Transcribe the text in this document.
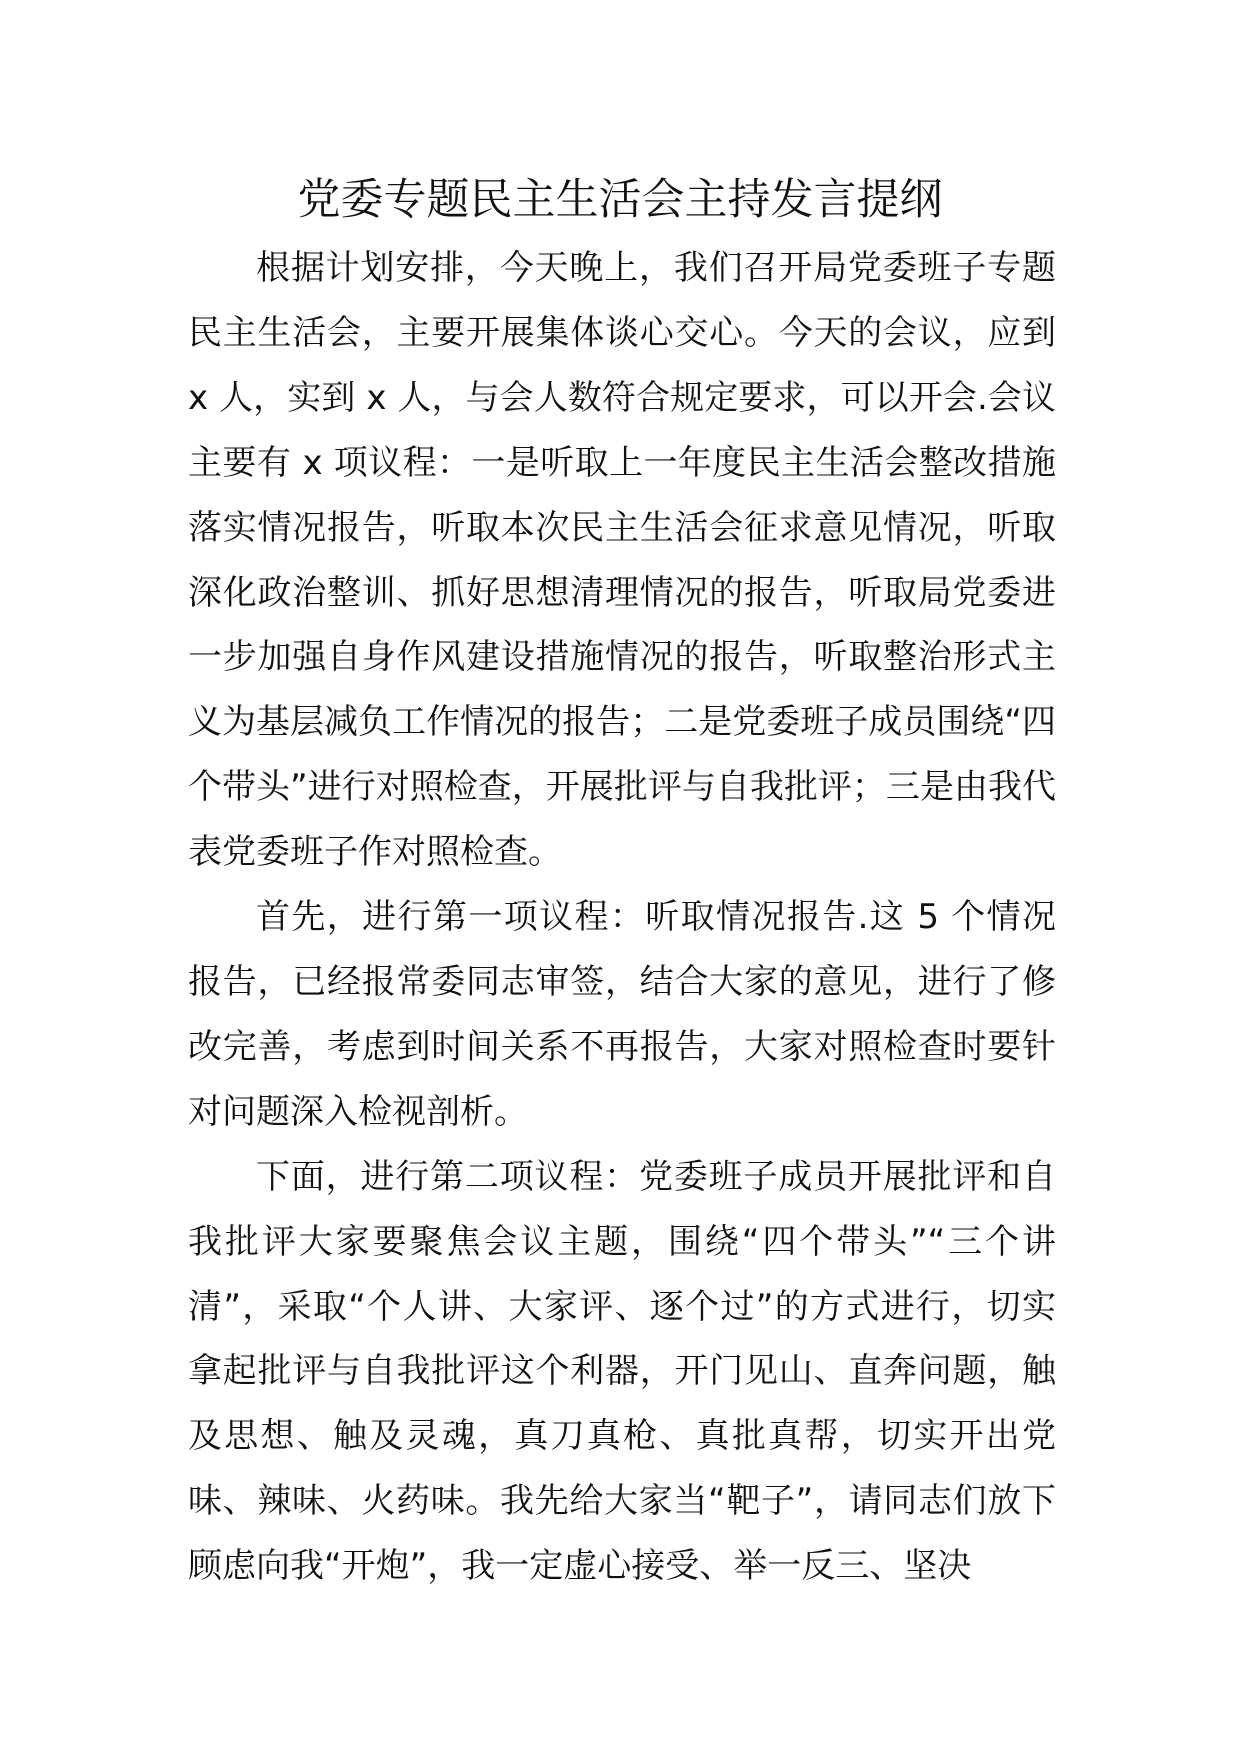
党委专题民主生活会主持发言提纲

根据计划安排，今天晚上，我们召开局党委班子专题民主生活会，主要开展集体谈心交心。今天的会议，应到 x 人，实到 x 人，与会人数符合规定要求，可以开会.会议主要有 x 项议程：一是听取上一年度民主生活会整改措施落实情况报告，听取本次民主生活会征求意见情况，听取深化政治整训、抓好思想清理情况的报告，听取局党委进一步加强自身作风建设措施情况的报告，听取整治形式主义为基层减负工作情况的报告；二是党委班子成员围绕“四个带头”进行对照检查，开展批评与自我批评；三是由我代表党委班子作对照检查。

首先，进行第一项议程：听取情况报告.这 5 个情况报告，已经报常委同志审签，结合大家的意见，进行了修改完善，考虑到时间关系不再报告，大家对照检查时要针对问题深入检视剖析。

下面，进行第二项议程：党委班子成员开展批评和自我批评大家要聚焦会议主题，围绕“四个带头”“三个讲清”，采取“个人讲、大家评、逐个过”的方式进行，切实拿起批评与自我批评这个利器，开门见山、直奔问题，触及思想、触及灵魂，真刀真枪、真批真帮，切实开出党味、辣味、火药味。我先给大家当“靶子”，请同志们放下顾虑向我“开炮”，我一定虚心接受、举一反三、坚决
